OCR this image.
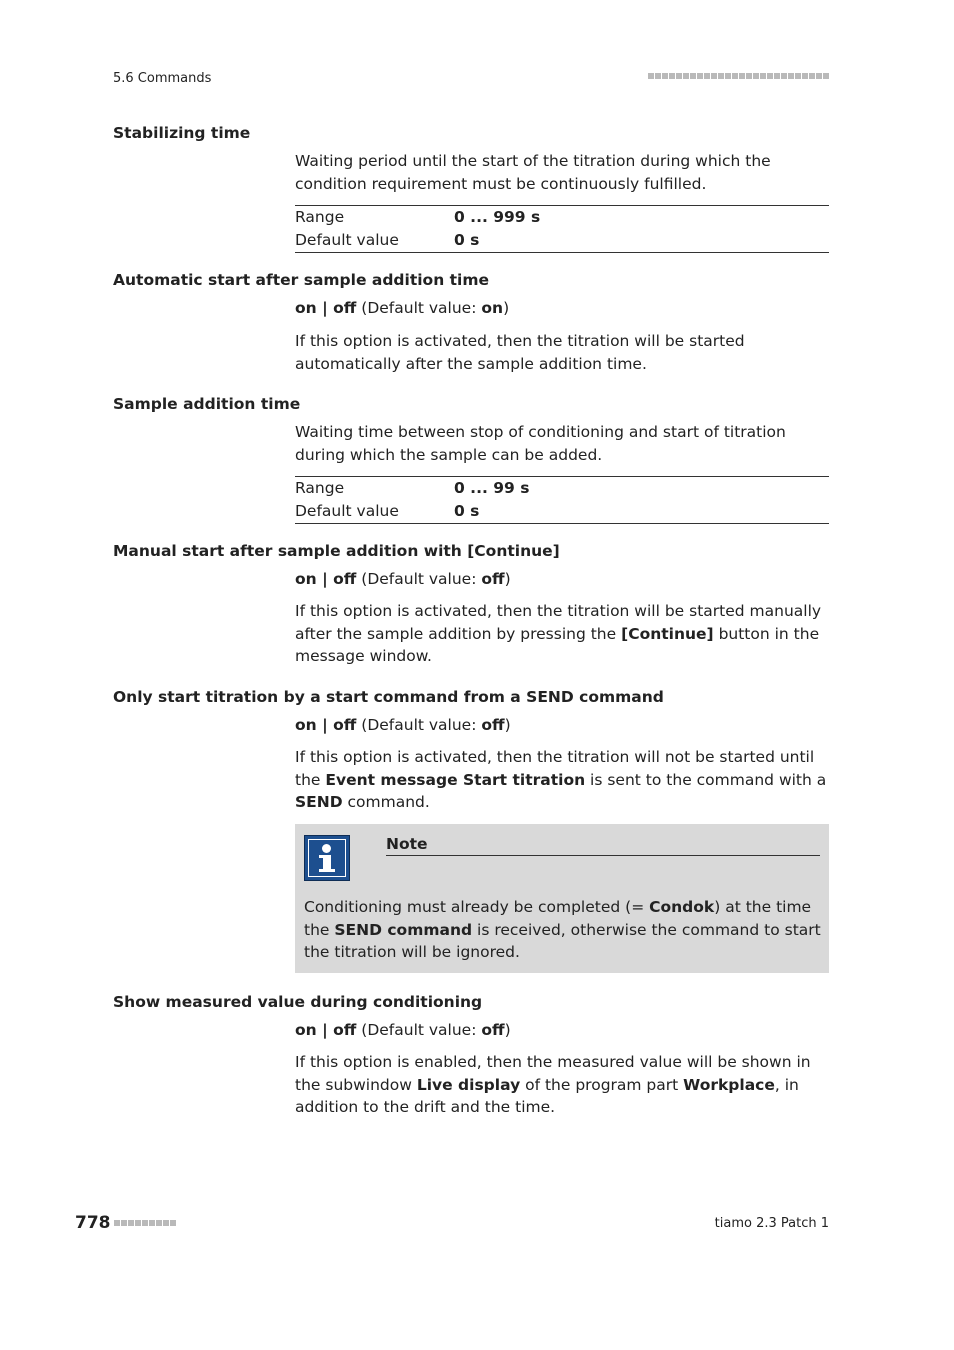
5.6 Commands
Stabilizing time

Waiting period until the start of the titration during which the condition requirement must be continuously fulfilled.

Range	0 ... 999 s
Default value	0 s
Automatic start after sample addition time
on | off (Default value: on)

If this option is activated, then the titration will be started automatically after the sample addition time.

Sample addition time

Waiting time between stop of conditioning and start of titration during which the sample can be added.

Range	0 ... 99 s
Default value	0 s
Manual start after sample addition with [Continue]
on | off (Default value: off)

If this option is activated, then the titration will be started manually after the sample addition by pressing the [Continue] button in the message window.

Only start titration by a start command from a SEND command
on | off (Default value: off)

If this option is activated, then the titration will not be started until the Event message Start titration is sent to the command with a SEND command.

Note
Conditioning must already be completed (= Condok) at the time the SEND command is received, otherwise the command to start the titration will be ignored.
Show measured value during conditioning
on | off (Default value: off)

If this option is enabled, then the measured value will be shown in the subwindow Live display of the program part Workplace, in addition to the drift and the time.

778	tiamo 2.3 Patch 1
